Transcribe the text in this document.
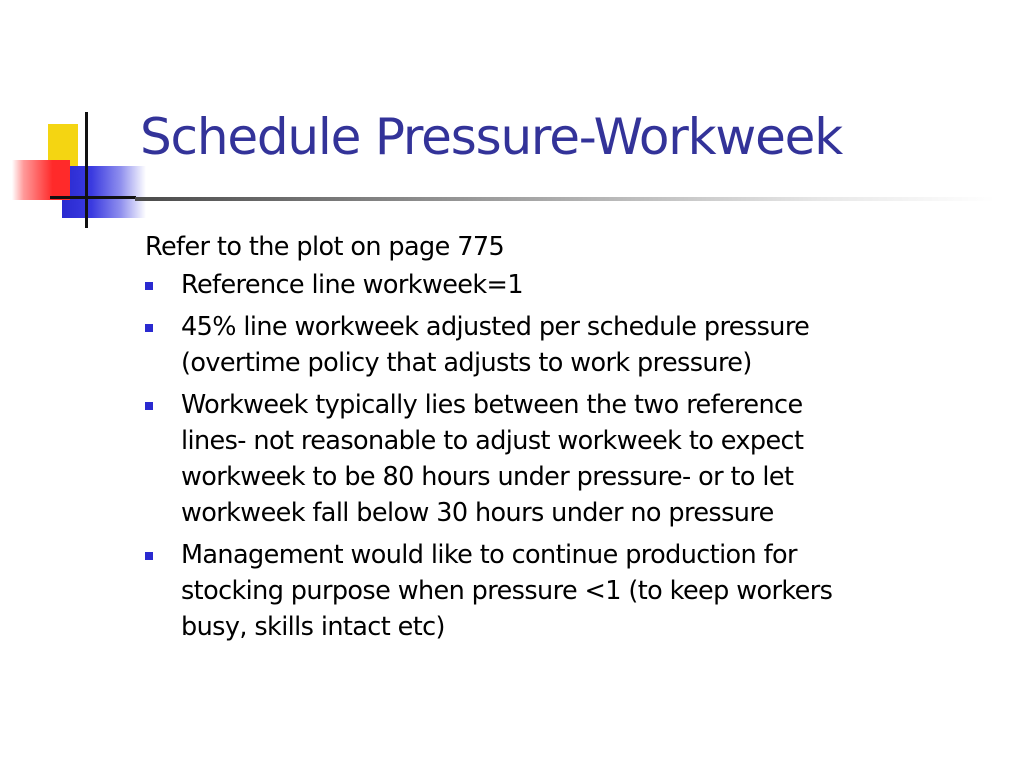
Schedule Pressure-Workweek

Refer to the plot on page 775

Reference line workweek=1
45% line workweek adjusted per schedule pressure
(overtime policy that adjusts to work pressure)
Workweek typically lies between the two reference
lines- not reasonable to adjust workweek to expect
workweek to be 80 hours under pressure- or to let
workweek fall below 30 hours under no pressure
Management would like to continue production for
stocking purpose when pressure <1 (to keep workers
busy, skills intact etc)
